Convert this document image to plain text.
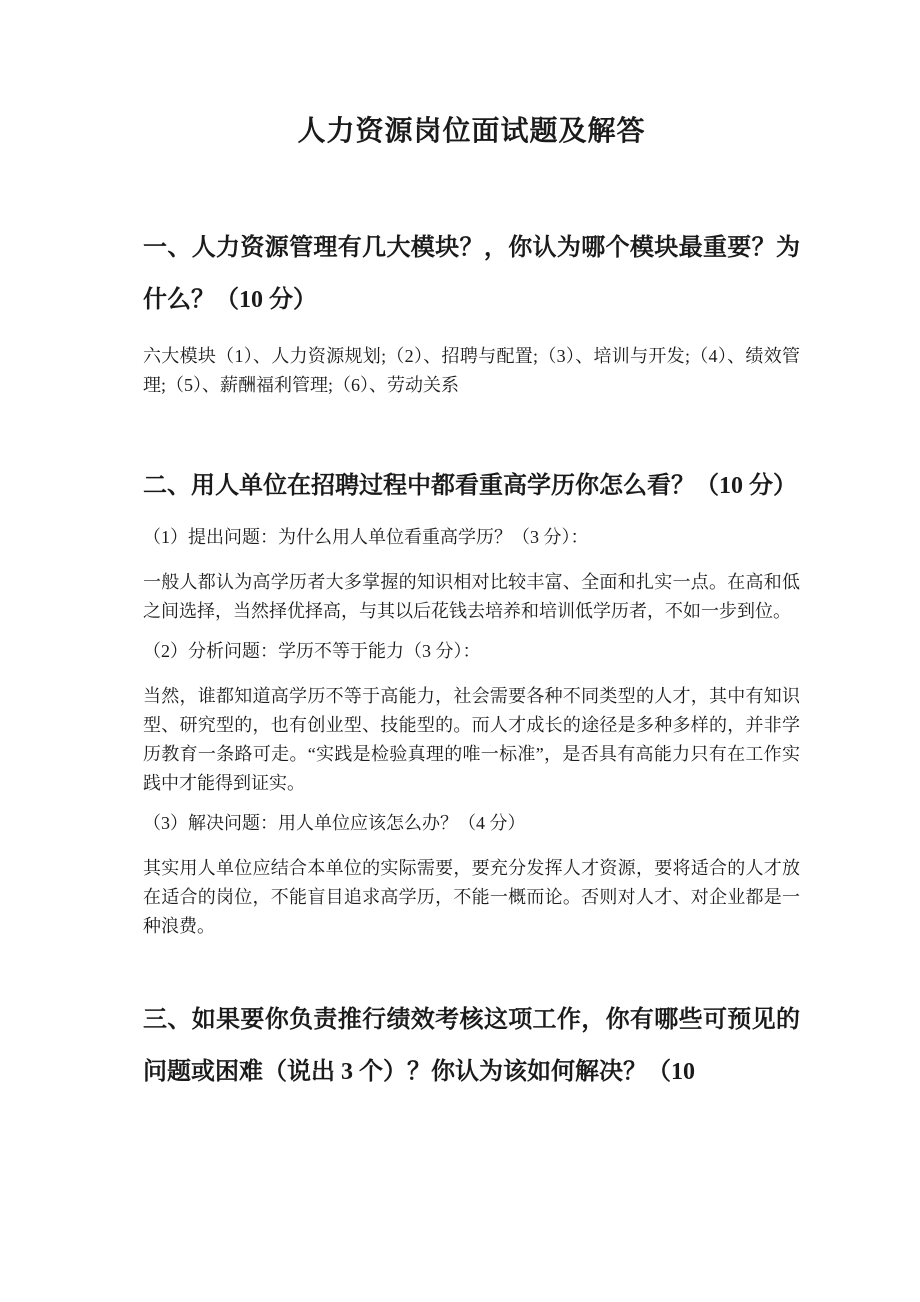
人力资源岗位面试题及解答
一、人力资源管理有几大模块？，你认为哪个模块最重要？为什么？（10 分）

六大模块（1）、人力资源规划;（2）、招聘与配置;（3）、培训与开发;（4）、绩效管理;（5）、薪酬福利管理;（6）、劳动关系

二、用人单位在招聘过程中都看重高学历你怎么看？（10 分）

（1）提出问题：为什么用人单位看重高学历？（3 分）：

一般人都认为高学历者大多掌握的知识相对比较丰富、全面和扎实一点。在高和低之间选择，当然择优择高，与其以后花钱去培养和培训低学历者，不如一步到位。

（2）分析问题：学历不等于能力（3 分）：

当然，谁都知道高学历不等于高能力，社会需要各种不同类型的人才，其中有知识型、研究型的，也有创业型、技能型的。而人才成长的途径是多种多样的，并非学历教育一条路可走。“实践是检验真理的唯一标准”，是否具有高能力只有在工作实践中才能得到证实。

（3）解决问题：用人单位应该怎么办？（4 分）

其实用人单位应结合本单位的实际需要，要充分发挥人才资源，要将适合的人才放在适合的岗位，不能盲目追求高学历，不能一概而论。否则对人才、对企业都是一种浪费。

三、如果要你负责推行绩效考核这项工作，你有哪些可预见的问题或困难（说出 3 个）？你认为该如何解决？（10
